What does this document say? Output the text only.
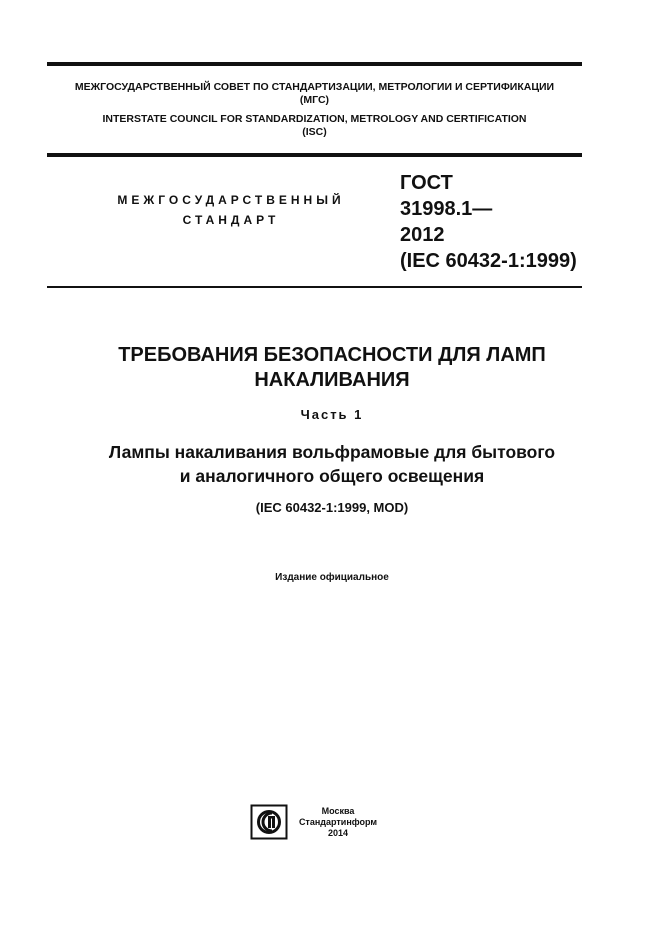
МЕЖГОСУДАРСТВЕННЫЙ СОВЕТ ПО СТАНДАРТИЗАЦИИ, МЕТРОЛОГИИ И СЕРТИФИКАЦИИ
(МГС)
INTERSTATE COUNCIL FOR STANDARDIZATION, METROLOGY AND CERTIFICATION
(ISC)
МЕЖГОСУДАРСТВЕННЫЙ
СТАНДАРТ
ГОСТ
31998.1—
2012
(IEC 60432-1:1999)
ТРЕБОВАНИЯ БЕЗОПАСНОСТИ ДЛЯ ЛАМП
НАКАЛИВАНИЯ
Часть 1
Лампы накаливания вольфрамовые для бытового
и аналогичного общего освещения
(IEC 60432-1:1999, MOD)
Издание официальное
Москва
Стандартинформ
2014
